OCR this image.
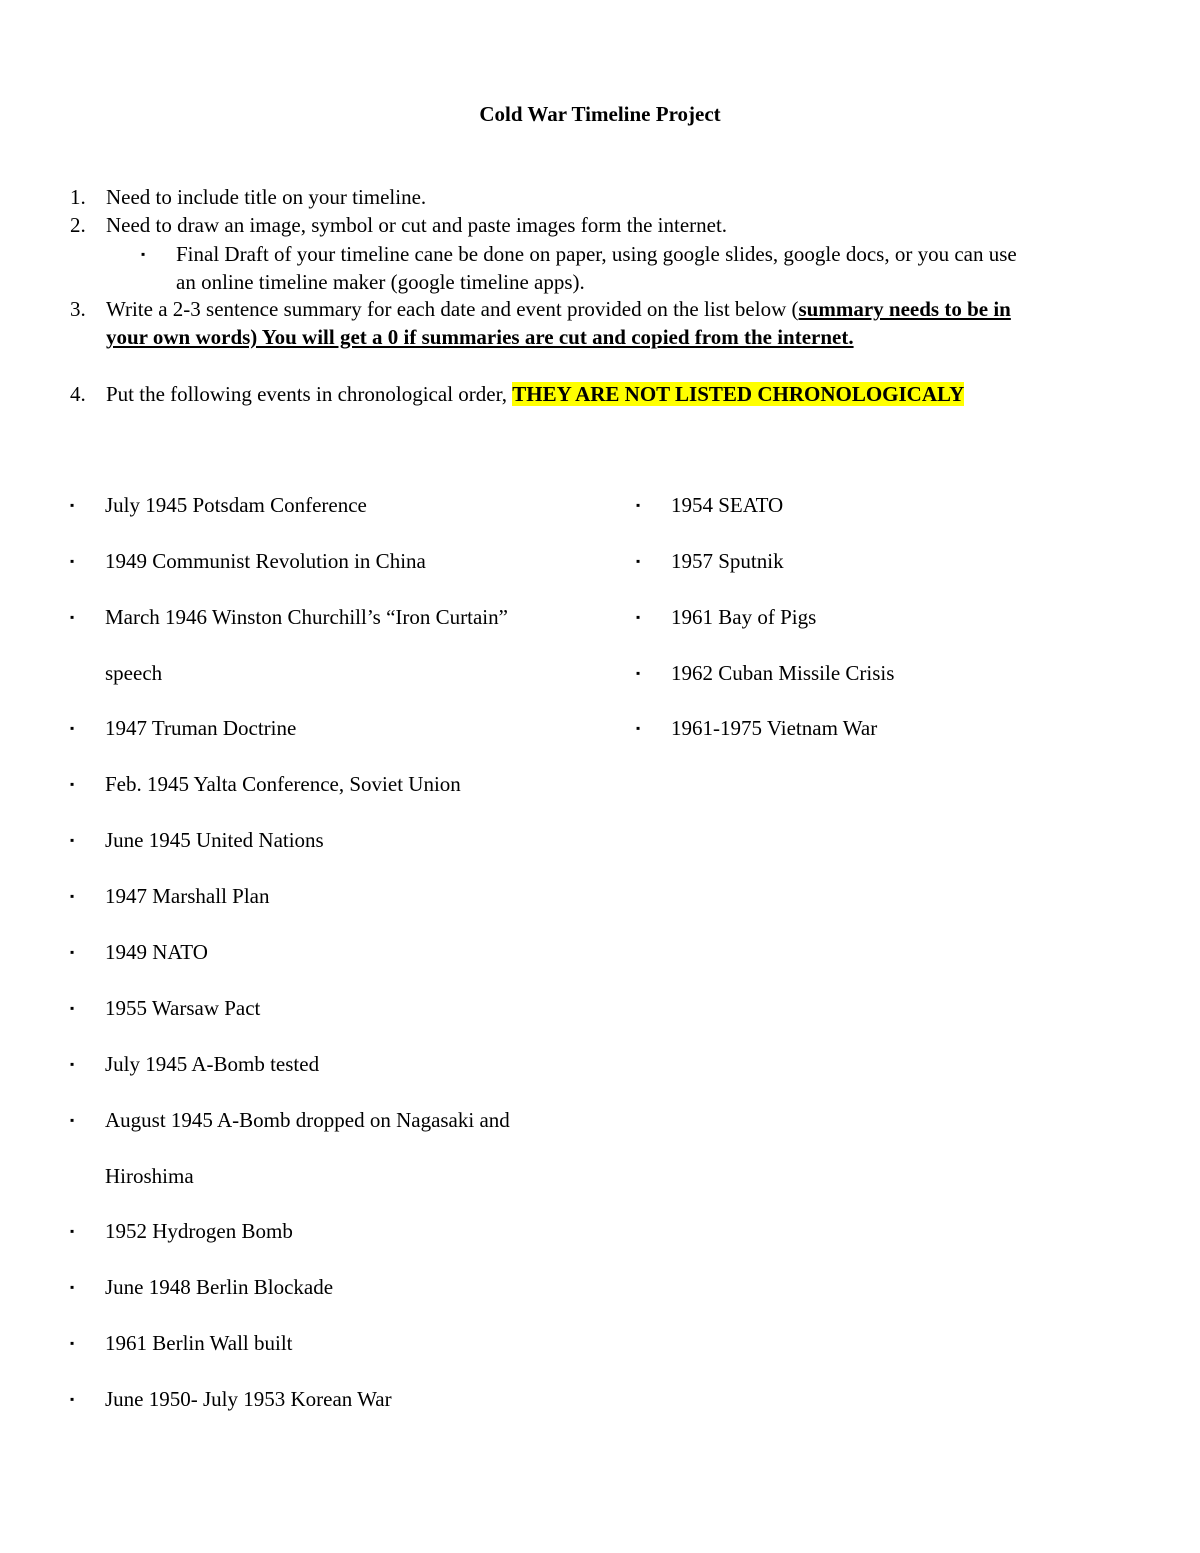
Cold War Timeline Project
1. Need to include title on your timeline.
2. Need to draw an image, symbol or cut and paste images form the internet.
▪ Final Draft of your timeline cane be done on paper, using google slides, google docs, or you can use
an online timeline maker (google timeline apps).
3. Write a 2-3 sentence summary for each date and event provided on the list below (summary needs to be in
your own words) You will get a 0 if summaries are cut and copied from the internet.
4. Put the following events in chronological order, THEY ARE NOT LISTED CHRONOLOGICALY
▪ July 1945 Potsdam Conference
▪ 1949 Communist Revolution in China
▪ March 1946 Winston Churchill’s “Iron Curtain”
speech
▪ 1947 Truman Doctrine
▪ Feb. 1945 Yalta Conference, Soviet Union
▪ June 1945 United Nations
▪ 1947 Marshall Plan
▪ 1949 NATO
▪ 1955 Warsaw Pact
▪ July 1945 A-Bomb tested
▪ August 1945 A-Bomb dropped on Nagasaki and
Hiroshima
▪ 1952 Hydrogen Bomb
▪ June 1948 Berlin Blockade
▪ 1961 Berlin Wall built
▪ June 1950- July 1953 Korean War
▪ 1954 SEATO
▪ 1957 Sputnik
▪ 1961 Bay of Pigs
▪ 1962 Cuban Missile Crisis
▪ 1961-1975 Vietnam War
